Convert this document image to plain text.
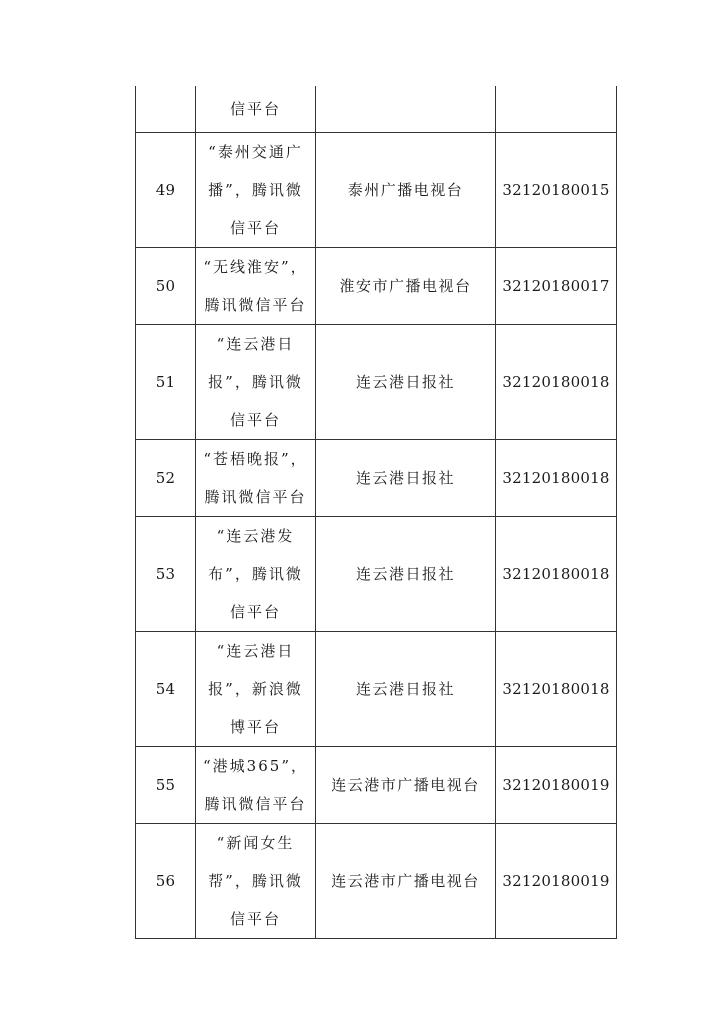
	信平台		

49	“泰州交通广播”，腾讯微信平台	泰州广播电视台	32120180015
50	“无线淮安”，腾讯微信平台	淮安市广播电视台	32120180017
51	“连云港日报”，腾讯微信平台	连云港日报社	32120180018
52	“苍梧晚报”，腾讯微信平台	连云港日报社	32120180018
53	“连云港发布”，腾讯微信平台	连云港日报社	32120180018
54	“连云港日报”，新浪微博平台	连云港日报社	32120180018
55	“港城365”，腾讯微信平台	连云港市广播电视台	32120180019
56	“新闻女生帮”，腾讯微信平台	连云港市广播电视台	32120180019
